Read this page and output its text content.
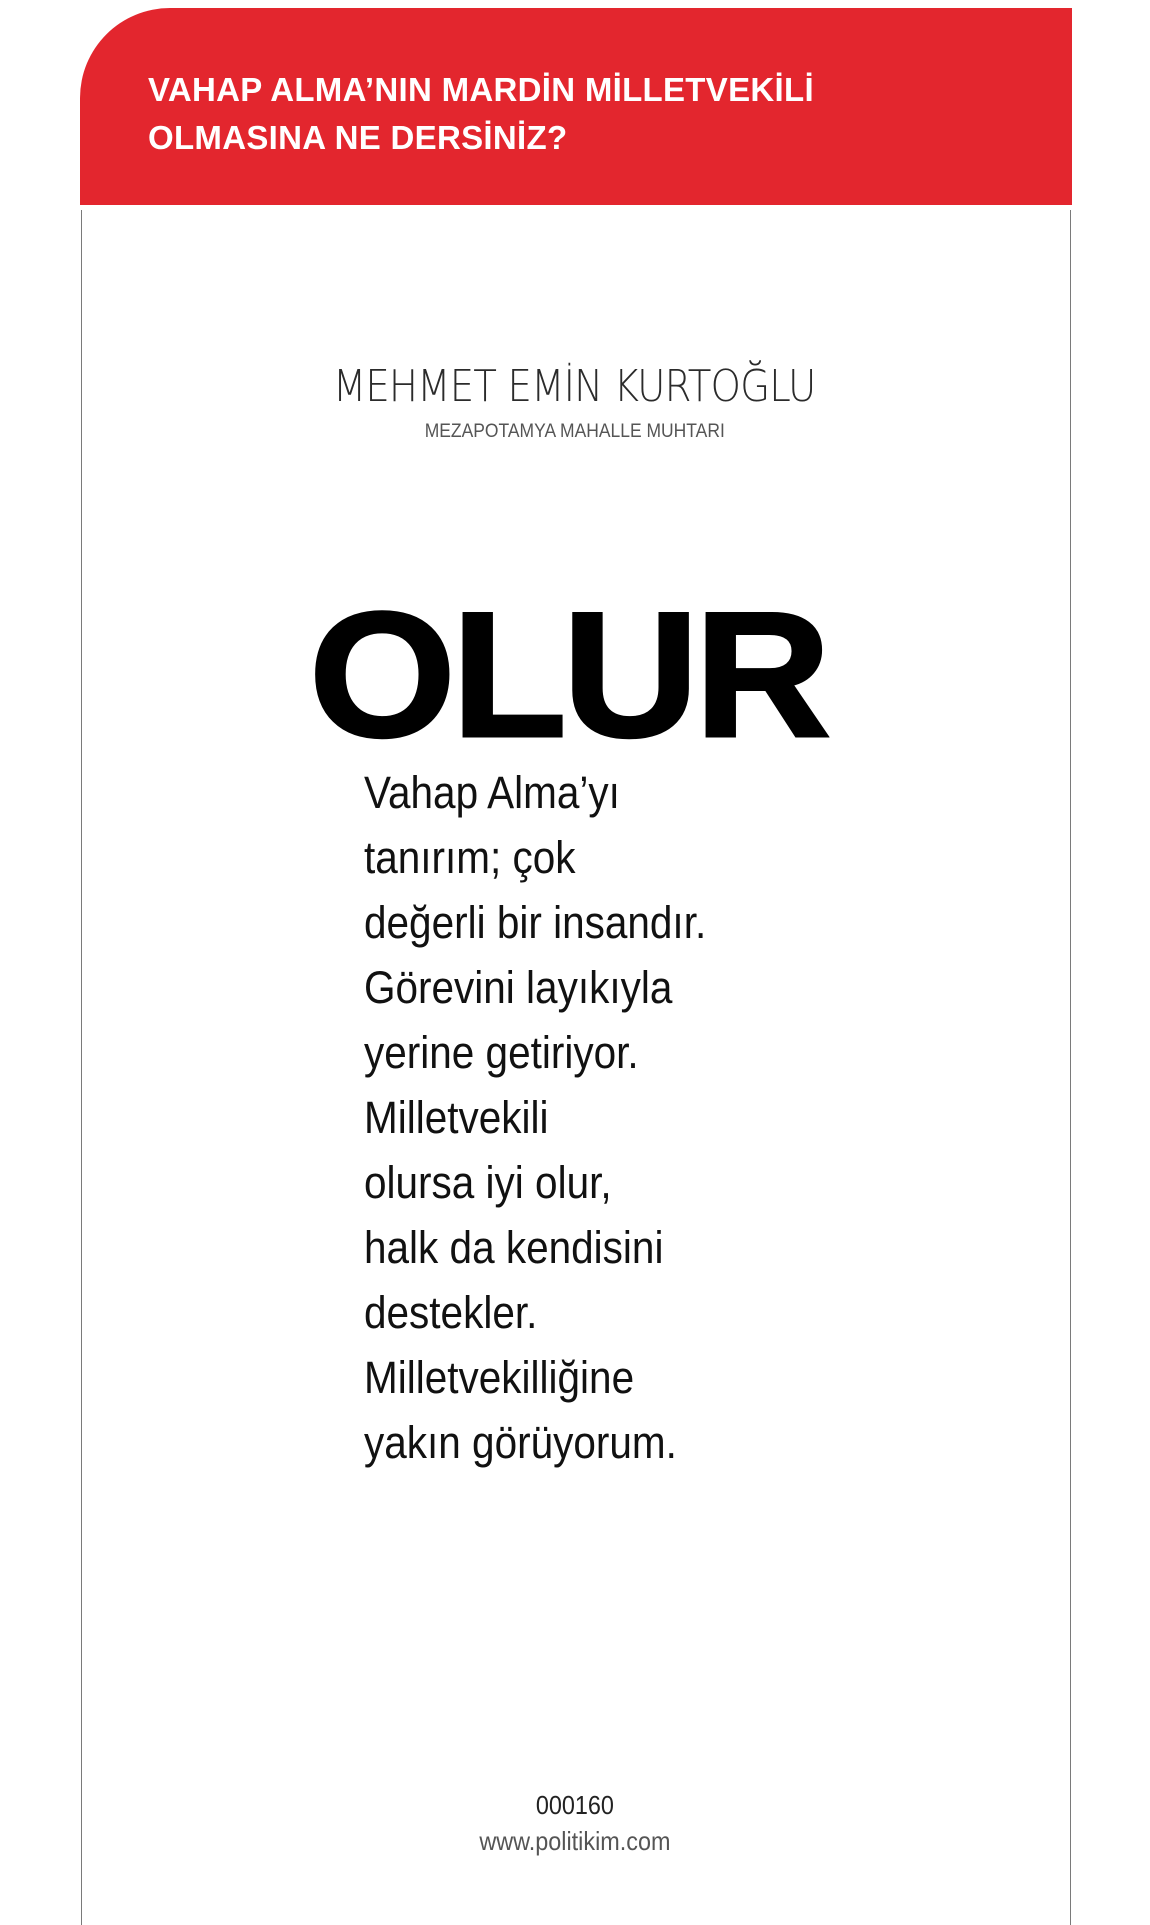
VAHAP ALMA’NIN MARDİN MİLLETVEKİLİ
OLMASINA NE DERSİNİZ?
MEHMET EMİN KURTOĞLU
MEZAPOTAMYA MAHALLE MUHTARI
OLUR

Vahap Alma’yı
tanırım; çok
değerli bir insandır.
Görevini layıkıyla
yerine getiriyor.
Milletvekili
olursa iyi olur,
halk da kendisini
destekler.
Milletvekilliğine
yakın görüyorum.

000160
www.politikim.com
